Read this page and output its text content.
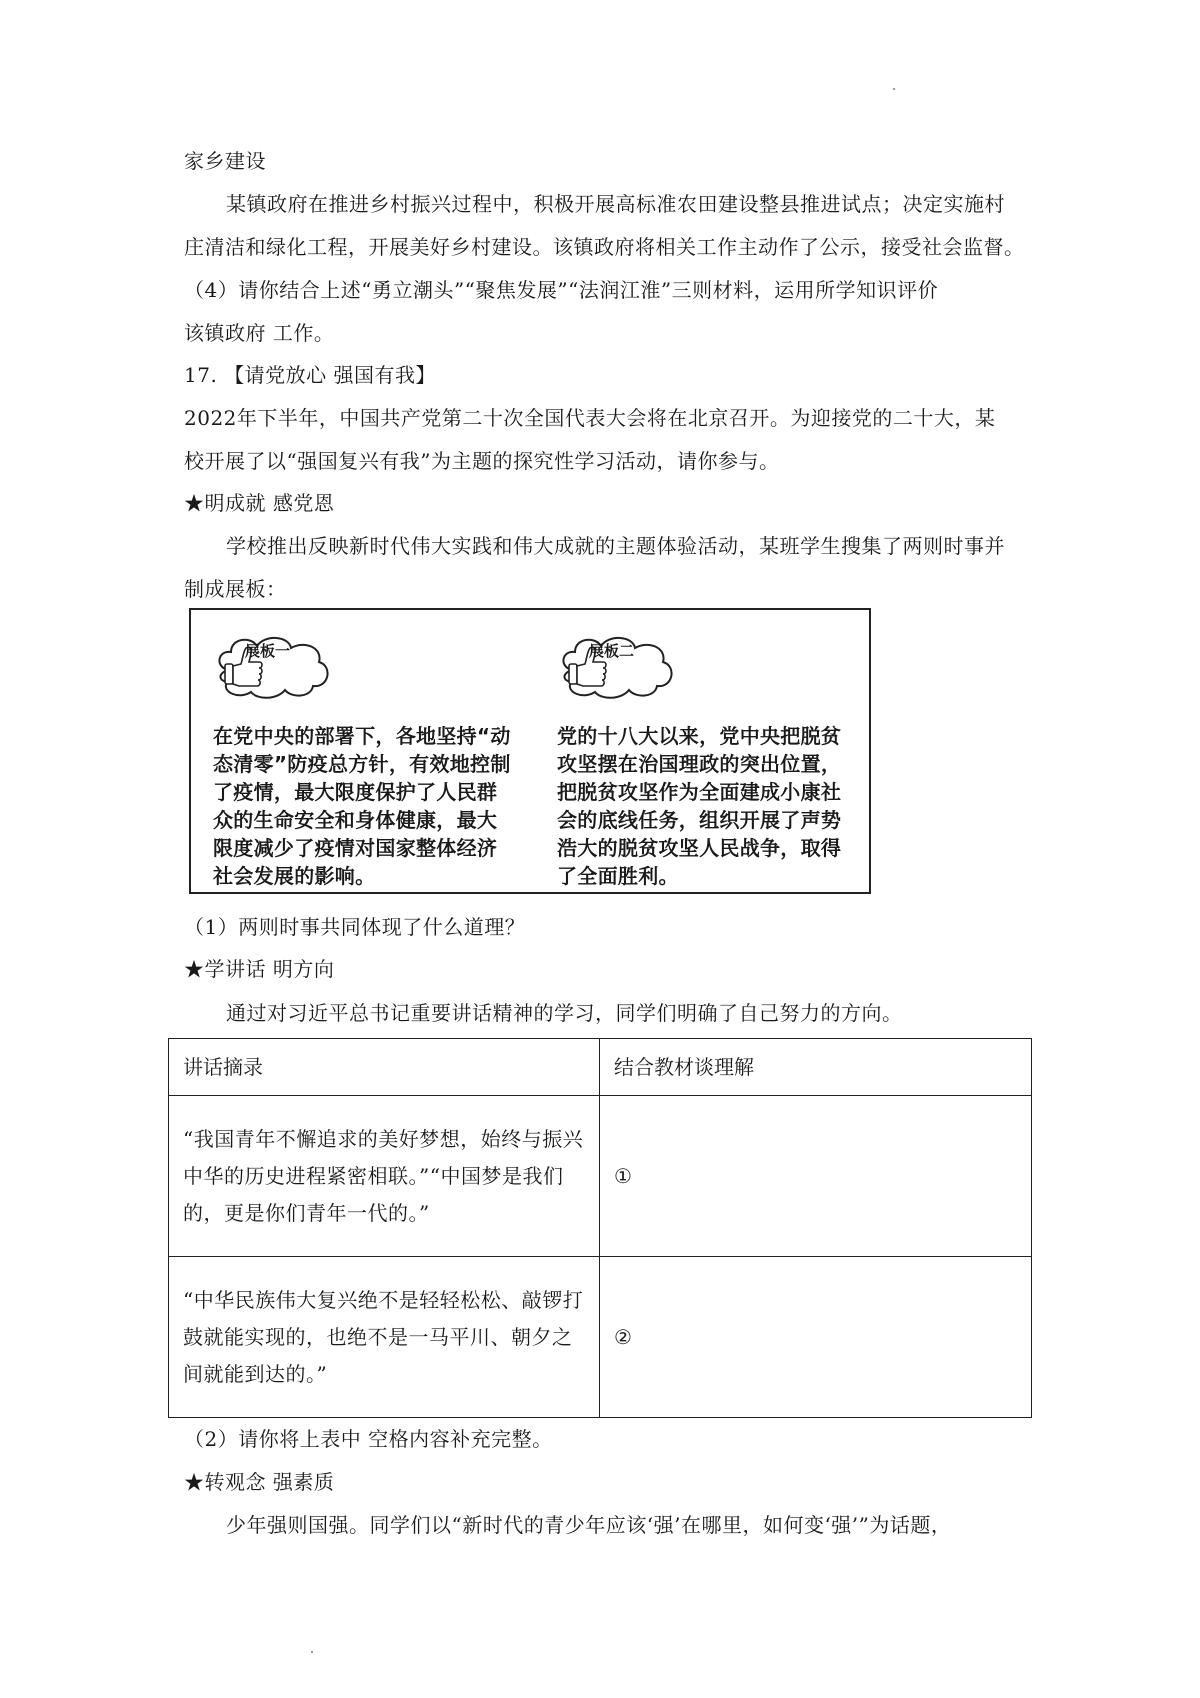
家乡建设
某镇政府在推进乡村振兴过程中，积极开展高标准农田建设整县推进试点；决定实施村
庄清洁和绿化工程，开展美好乡村建设。该镇政府将相关工作主动作了公示，接受社会监督。
（4）请你结合上述“勇立潮头”“聚焦发展”“法润江淮”三则材料，运用所学知识评价
该镇政府 工作。
17. 【请党放心 强国有我】
2022年下半年，中国共产党第二十次全国代表大会将在北京召开。为迎接党的二十大，某
校开展了以“强国复兴有我”为主题的探究性学习活动，请你参与。
★明成就 感党恩
学校推出反映新时代伟大实践和伟大成就的主题体验活动，某班学生搜集了两则时事并
制成展板：
展板一
在党中央的部署下，各地坚持“动态清零”防疫总方针，有效地控制了疫情，最大限度保护了人民群众的生命安全和身体健康，最大限度减少了疫情对国家整体经济社会发展的影响。
展板二
党的十八大以来，党中央把脱贫攻坚摆在治国理政的突出位置，把脱贫攻坚作为全面建成小康社会的底线任务，组织开展了声势浩大的脱贫攻坚人民战争，取得了全面胜利。
（1）两则时事共同体现了什么道理？
★学讲话 明方向
通过对习近平总书记重要讲话精神的学习，同学们明确了自己努力的方向。
讲话摘录	结合教材谈理解
“我国青年不懈追求的美好梦想，始终与振兴中华的历史进程紧密相联。”“中国梦是我们的，更是你们青年一代的。”	①
“中华民族伟大复兴绝不是轻轻松松、敲锣打鼓就能实现的，也绝不是一马平川、朝夕之间就能到达的。”	②
（2）请你将上表中 空格内容补充完整。
★转观念 强素质
少年强则国强。同学们以“新时代的青少年应该‘强’在哪里，如何变‘强’”为话题，
